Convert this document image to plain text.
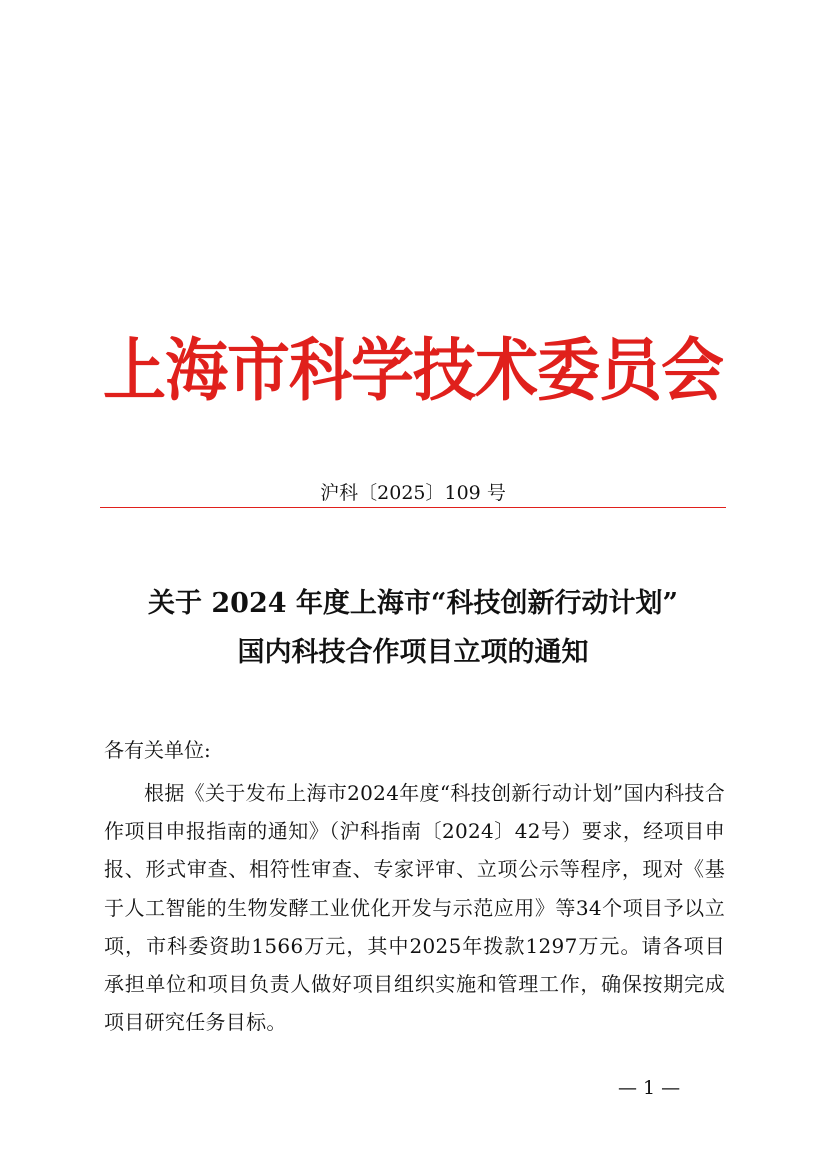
上海市科学技术委员会
沪科〔2025〕109 号
关于 2024 年度上海市“科技创新行动计划”
国内科技合作项目立项的通知
各有关单位:

根据《关于发布上海市2024年度“科技创新行动计划”国内科技合作项目申报指南的通知》（沪科指南〔2024〕42号）要求，经项目申报、形式审查、相符性审查、专家评审、立项公示等程序，现对《基于人工智能的生物发酵工业优化开发与示范应用》等34个项目予以立项，市科委资助1566万元，其中2025年拨款1297万元。请各项目承担单位和项目负责人做好项目组织实施和管理工作，确保按期完成项目研究任务目标。

— 1 —
